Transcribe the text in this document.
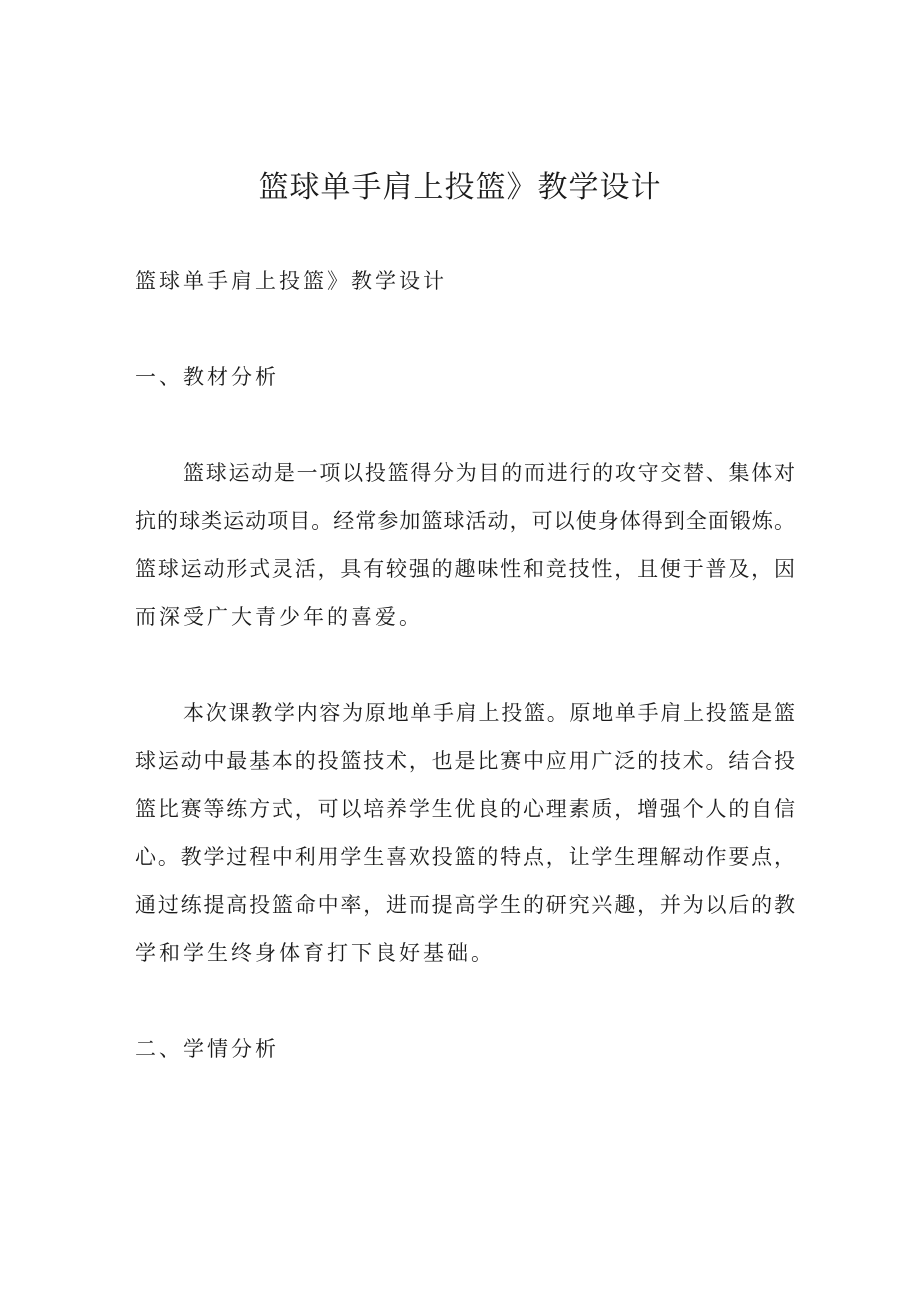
篮球单手肩上投篮》教学设计
篮球单手肩上投篮》教学设计
一、教材分析
篮球运动是一项以投篮得分为目的而进行的攻守交替、集体对
抗的球类运动项目。经常参加篮球活动，可以使身体得到全面锻炼。
篮球运动形式灵活，具有较强的趣味性和竞技性，且便于普及，因
而深受广大青少年的喜爱。
本次课教学内容为原地单手肩上投篮。原地单手肩上投篮是篮
球运动中最基本的投篮技术，也是比赛中应用广泛的技术。结合投
篮比赛等练方式，可以培养学生优良的心理素质，增强个人的自信
心。教学过程中利用学生喜欢投篮的特点，让学生理解动作要点，
通过练提高投篮命中率，进而提高学生的研究兴趣，并为以后的教
学和学生终身体育打下良好基础。
二、学情分析
